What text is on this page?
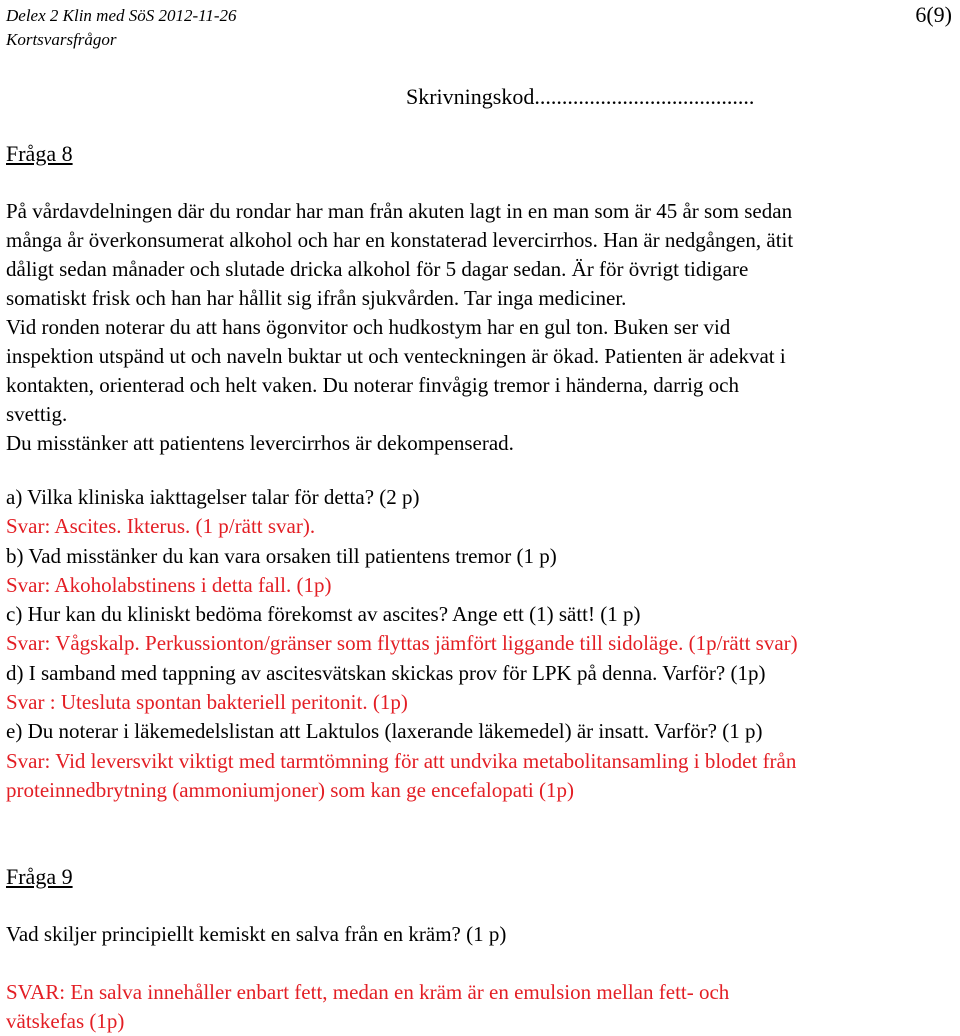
Delex 2 Klin med SöS 2012-11-26
Kortsvarsfrågor
6(9)
Skrivningskod........................................
Fråga 8

På vårdavdelningen där du rondar har man från akuten lagt in en man som är 45 år som sedan

många år överkonsumerat alkohol och har en konstaterad levercirrhos. Han är nedgången, ätit

dåligt sedan månader och slutade dricka alkohol för 5 dagar sedan. Är för övrigt tidigare

somatiskt frisk och han har hållit sig ifrån sjukvården. Tar inga mediciner.

Vid ronden noterar du att hans ögonvitor och hudkostym har en gul ton. Buken ser vid

inspektion utspänd ut och naveln buktar ut och venteckningen är ökad. Patienten är adekvat i

kontakten, orienterad och helt vaken. Du noterar finvågig tremor i händerna, darrig och

svettig.

Du misstänker att patientens levercirrhos är dekompenserad.

a) Vilka kliniska iakttagelser talar för detta? (2 p)

Svar: Ascites. Ikterus. (1 p/rätt svar).

b) Vad misstänker du kan vara orsaken till patientens tremor (1 p)

Svar: Akoholabstinens i detta fall. (1p)

c) Hur kan du kliniskt bedöma förekomst av ascites? Ange ett (1) sätt! (1 p)

Svar: Vågskalp. Perkussionton/gränser som flyttas jämfört liggande till sidoläge. (1p/rätt svar)

d) I samband med tappning av ascitesvätskan skickas prov för LPK på denna. Varför? (1p)

Svar : Utesluta spontan bakteriell peritonit. (1p)

e) Du noterar i läkemedelslistan att Laktulos (laxerande läkemedel) är insatt. Varför? (1 p)

Svar: Vid leversvikt viktigt med tarmtömning för att undvika metabolitansamling i blodet från

proteinnedbrytning (ammoniumjoner) som kan ge encefalopati (1p)

Fråga 9
Vad skiljer principiellt kemiskt en salva från en kräm? (1 p)

SVAR: En salva innehåller enbart fett, medan en kräm är en emulsion mellan fett- och

vätskefas (1p)
